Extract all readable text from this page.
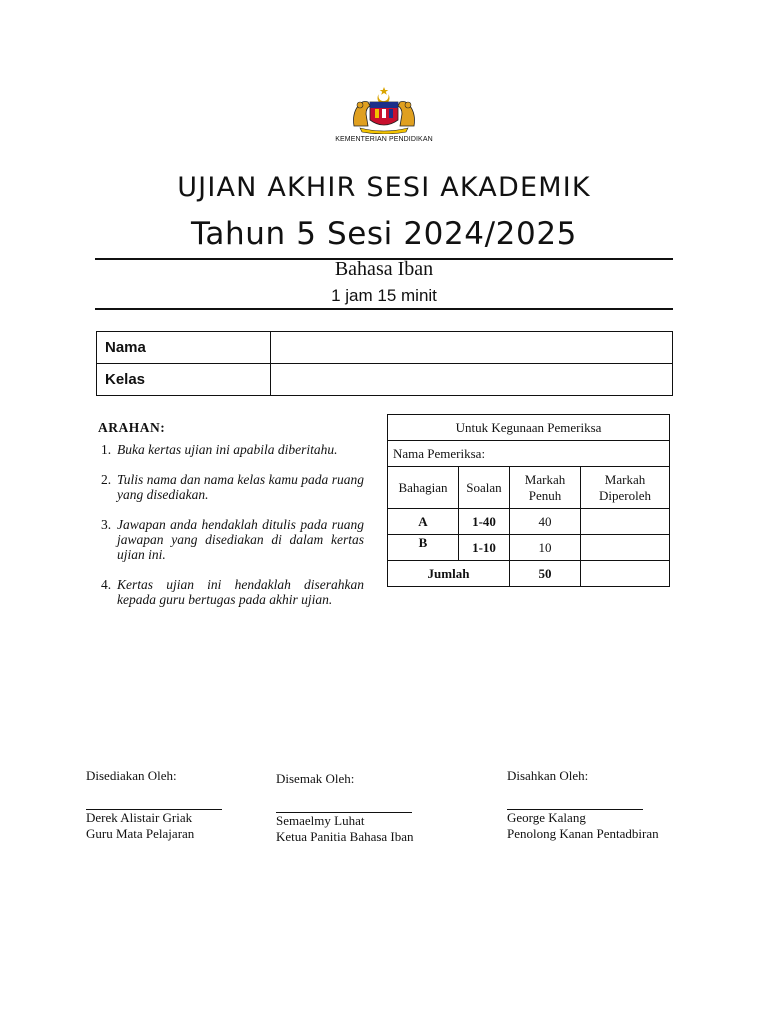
KEMENTERIAN PENDIDIKAN
UJIAN AKHIR SESI AKADEMIK
Tahun 5 Sesi 2024/2025
Bahasa Iban
1 jam 15 minit
Nama	
Kelas	
ARAHAN:
1. Buka kertas ujian ini apabila diberitahu.
2. Tulis nama dan nama kelas kamu pada ruang yang disediakan.
3. Jawapan anda hendaklah ditulis pada ruang jawapan yang disediakan di dalam kertas ujian ini.
4. Kertas ujian ini hendaklah diserahkan kepada guru bertugas pada akhir ujian.
Untuk Kegunaan Pemeriksa			
Nama Pemeriksa:			
Bahagian	Soalan	Markah Penuh	Markah Diperoleh
A	1-40	40	
B	1-10	10	
Jumlah		50	
Disediakan Oleh:
Derek Alistair Griak
Guru Mata Pelajaran
Disemak Oleh:
Semaelmy Luhat
Ketua Panitia Bahasa Iban
Disahkan Oleh:
George Kalang
Penolong Kanan Pentadbiran
